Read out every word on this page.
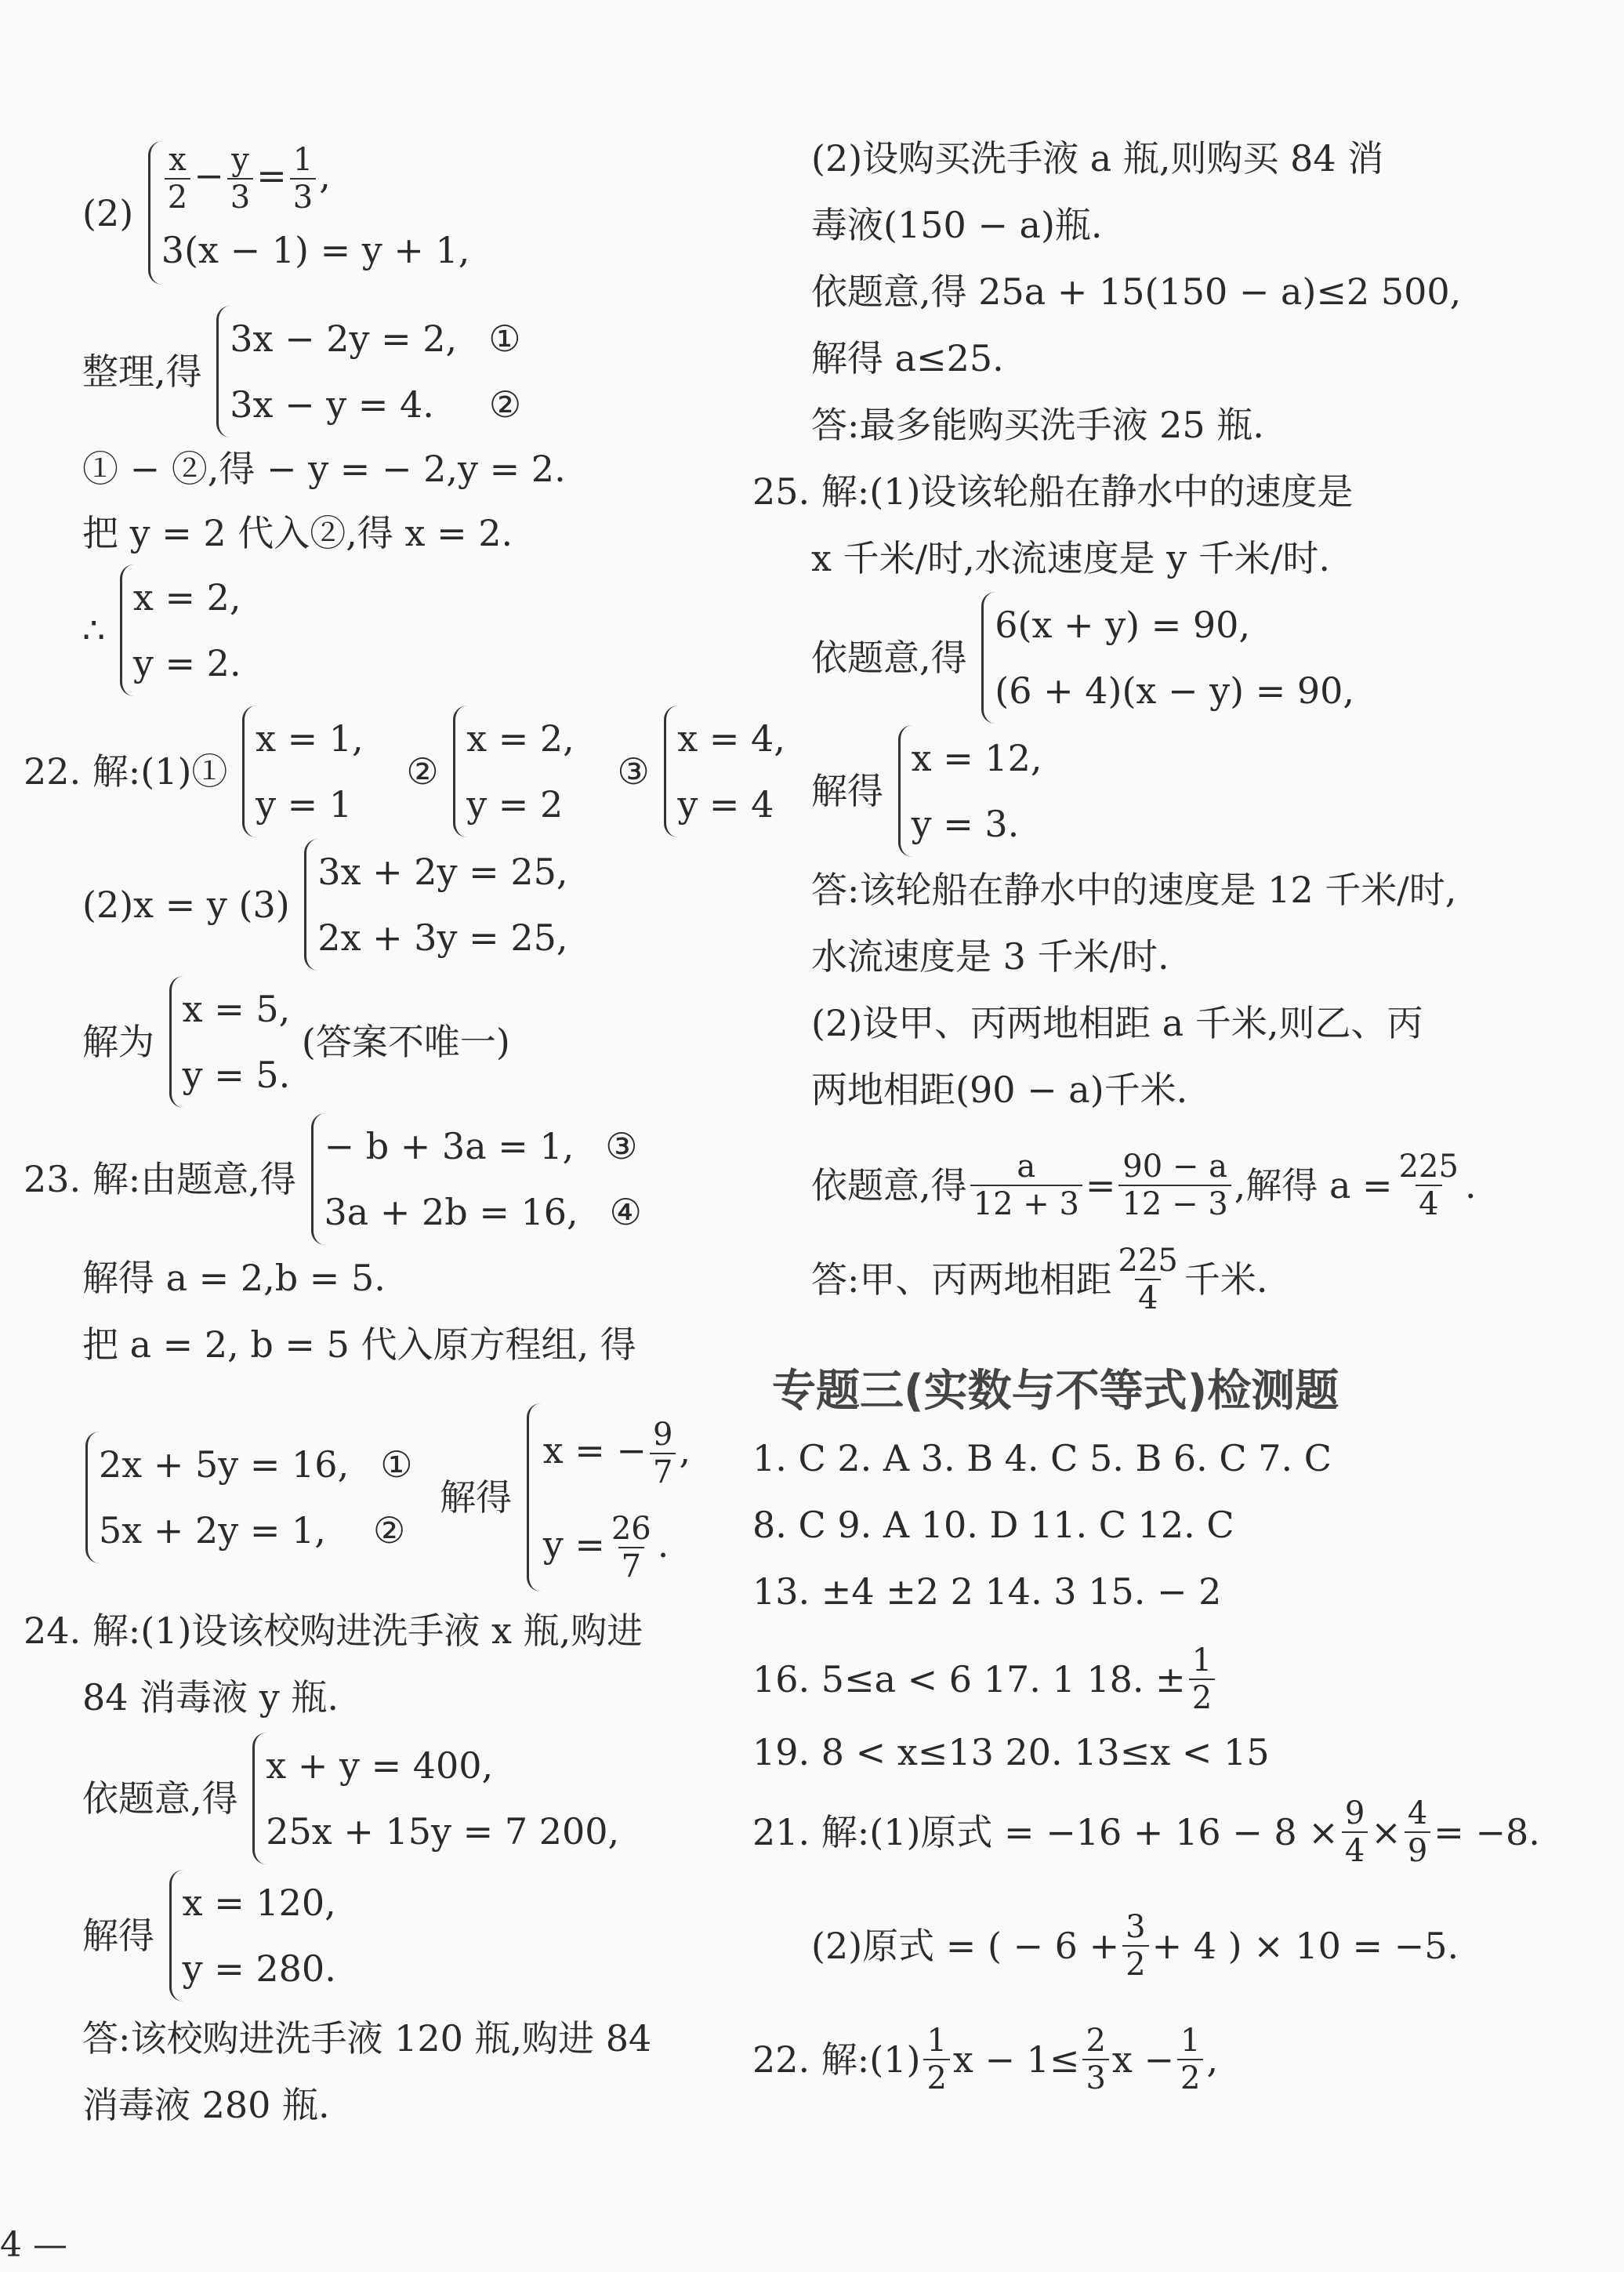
$(2) \frac{x}{2} - \frac{y}{3} = \frac{1}{3}$ ,
3(x − 1) = y + 1,
整理,得
3x − 2y = 2, ①
3x − y = 4. ②
① − ②,得 − y = − 2,y = 2.
把 y = 2 代入②,得 x = 2.
∴
x = 2,
y = 2.
22. 解:(1)①
x = 1,
y = 1
②
x = 2,
y = 2
③
x = 4,
y = 4
(2)x = y (3)
3x + 2y = 25,
2x + 3y = 25,
解为
x = 5,
y = 5.
(答案不唯一)
23. 解:由题意,得
− b + 3a = 1, ③
3a + 2b = 16, ④
解得 a = 2,b = 5.
把 a = 2, b = 5 代入原方程组, 得
2x + 5y = 16, ①
5x + 2y = 1, ②
解得
x = − $\frac{9}{7}$ ,
$y = \frac{26}{7}$ .
24. 解:(1)设该校购进洗手液 x 瓶,购进
84 消毒液 y 瓶.
依题意,得
x + y = 400,
25x + 15y = 7 200,
解得
x = 120,
y = 280.
答:该校购进洗手液 120 瓶,购进 84
消毒液 280 瓶.
4 —
(2)设购买洗手液 a 瓶,则购买 84 消
毒液(150 − a)瓶.
依题意,得 25a + 15(150 − a)≤2 500,
解得 a≤25.
答:最多能购买洗手液 25 瓶.
25. 解:(1)设该轮船在静水中的速度是
x 千米/时,水流速度是 y 千米/时.
依题意,得
6(x + y) = 90,
(6 + 4)(x − y) = 90,
解得
x = 12,
y = 3.
答:该轮船在静水中的速度是 12 千米/时,
水流速度是 3 千米/时.
(2)设甲、丙两地相距 a 千米,则乙、丙
两地相距(90 − a)千米.
依题意,得 $\frac{a}{12 + 3} = \frac{90 - a}{12 - 3}$ ,解得 $a = \frac{225}{4}$ .
答:甲、丙两地相距 $\frac{225}{4}$ 千米.
专题三(实数与不等式)检测题
1. C 2. A 3. B 4. C 5. B 6. C 7. C
8. C 9. A 10. D 11. C 12. C
13. ±4 ±2 2 14. 3 15. − 2
16. 5≤a < 6 17. 1 18. ± $\frac{1}{2}$
19. 8 < x≤13 20. 13≤x < 15
21. 解:(1)原式 = $-16 + 16 - 8 \times \frac{9}{4} \times \frac{4}{9} = -8$.
(2)原式 = ( − $6 + \frac{3}{2} + 4$ ) × 10 = −5.
22. 解:(1) $\frac{1}{2}$ $x - 1\le \frac{2}{3}$ $x - \frac{1}{2}$ ,
